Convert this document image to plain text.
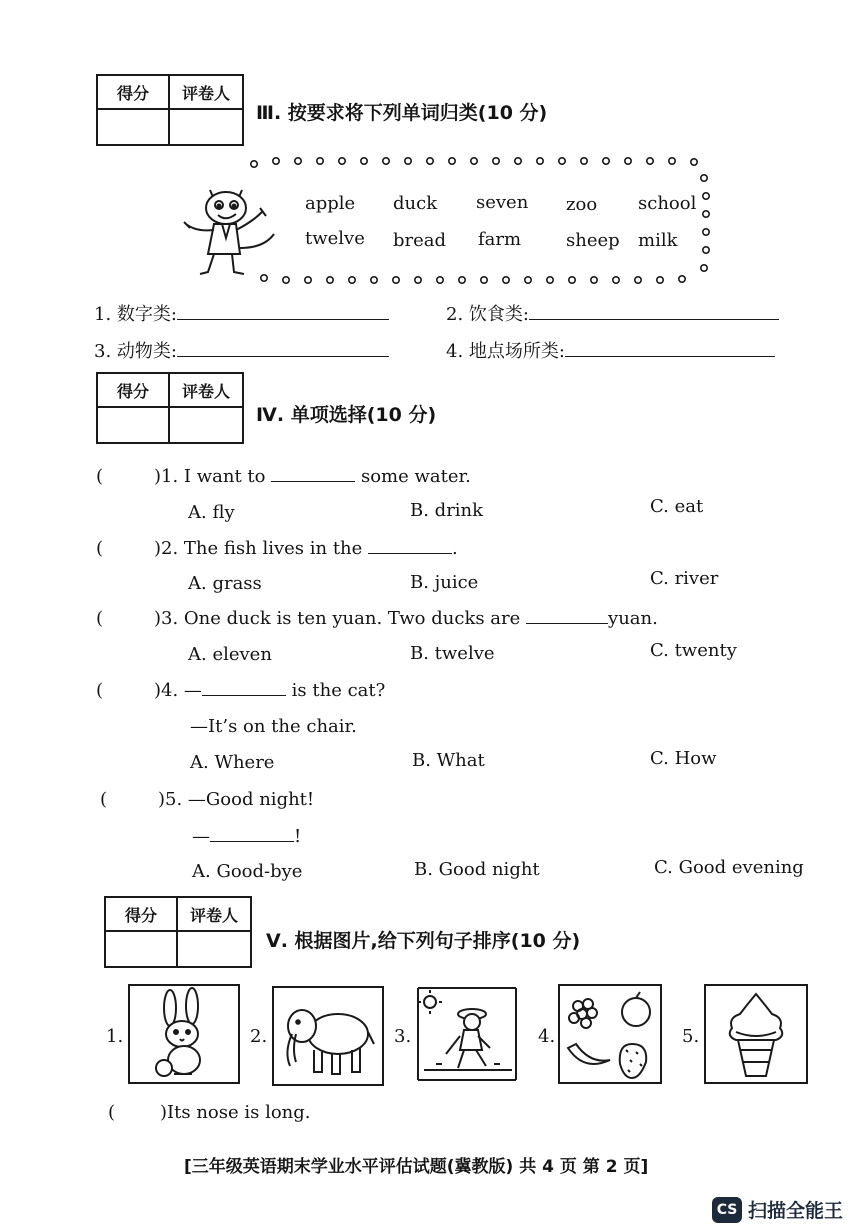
得分	评卷人
Ⅲ. 按要求将下列单词归类(10 分)
apple duck seven zoo school
twelve bread farm sheep milk
1. 数字类:	2. 饮食类:
3. 动物类:	4. 地点场所类:
得分	评卷人
Ⅳ. 单项选择(10 分)
(	)1. I want to	some water.
A. fly	B. drink	C. eat
(	)2. The fish lives in the	.
A. grass	B. juice	C. river
(	)3. One duck is ten yuan. Two ducks are	yuan.
A. eleven	B. twelve	C. twenty
(	)4. —	is the cat?
—It’s on the chair.
A. Where	B. What	C. How
(	)5. —Good night!
—	!
A. Good-bye	B. Good night	C. Good evening
得分	评卷人
Ⅴ. 根据图片,给下列句子排序(10 分)
1.	2.	3.	4.	5.
( )Its nose is long.
[三年级英语期末学业水平评估试题(冀教版) 共 4 页 第 2 页]
CS 扫描全能王
